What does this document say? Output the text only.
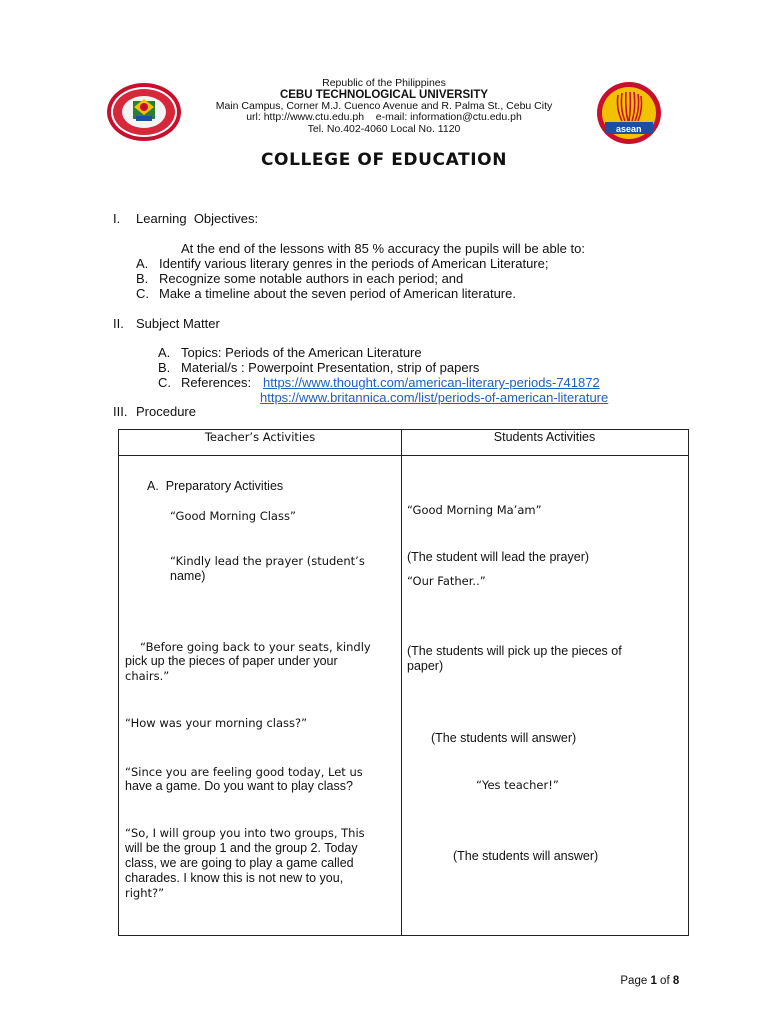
asean
Republic of the Philippines
CEBU TECHNOLOGICAL UNIVERSITY
Main Campus, Corner M.J. Cuenco Avenue and R. Palma St., Cebu City
url: http://www.ctu.edu.ph    e-mail: information@ctu.edu.ph
Tel. No.402-4060 Local No. 1120
COLLEGE OF EDUCATION
I. Learning  Objectives:
At the end of the lessons with 85 % accuracy the pupils will be able to:
A. Identify various literary genres in the periods of American Literature;
B. Recognize some notable authors in each period; and
C. Make a timeline about the seven period of American literature.
II. Subject Matter
A. Topics: Periods of the American Literature
B. Material/s : Powerpoint Presentation, strip of papers
C. References: https://www.thought.com/american-literary-periods-741872
https://www.britannica.com/list/periods-of-american-literature
III. Procedure
Teacher’s Activities	Students Activities
A.  Preparatory Activities
“Good Morning Class”
“Kindly lead the prayer (student’s
name)
“Before going back to your seats, kindly
pick up the pieces of paper under your
chairs.”
“How was your morning class?”
“Since you are feeling good today, Let us
have a game. Do you want to play class?
“So, I will group you into two groups, This
will be the group 1 and the group 2. Today
class, we are going to play a game called
charades. I know this is not new to you,
right?”
“Good Morning Ma’am”
(The student will lead the prayer)
“Our Father..”
(The students will pick up the pieces of
paper)
(The students will answer)
“Yes teacher!”
(The students will answer)

Page 1 of 8
